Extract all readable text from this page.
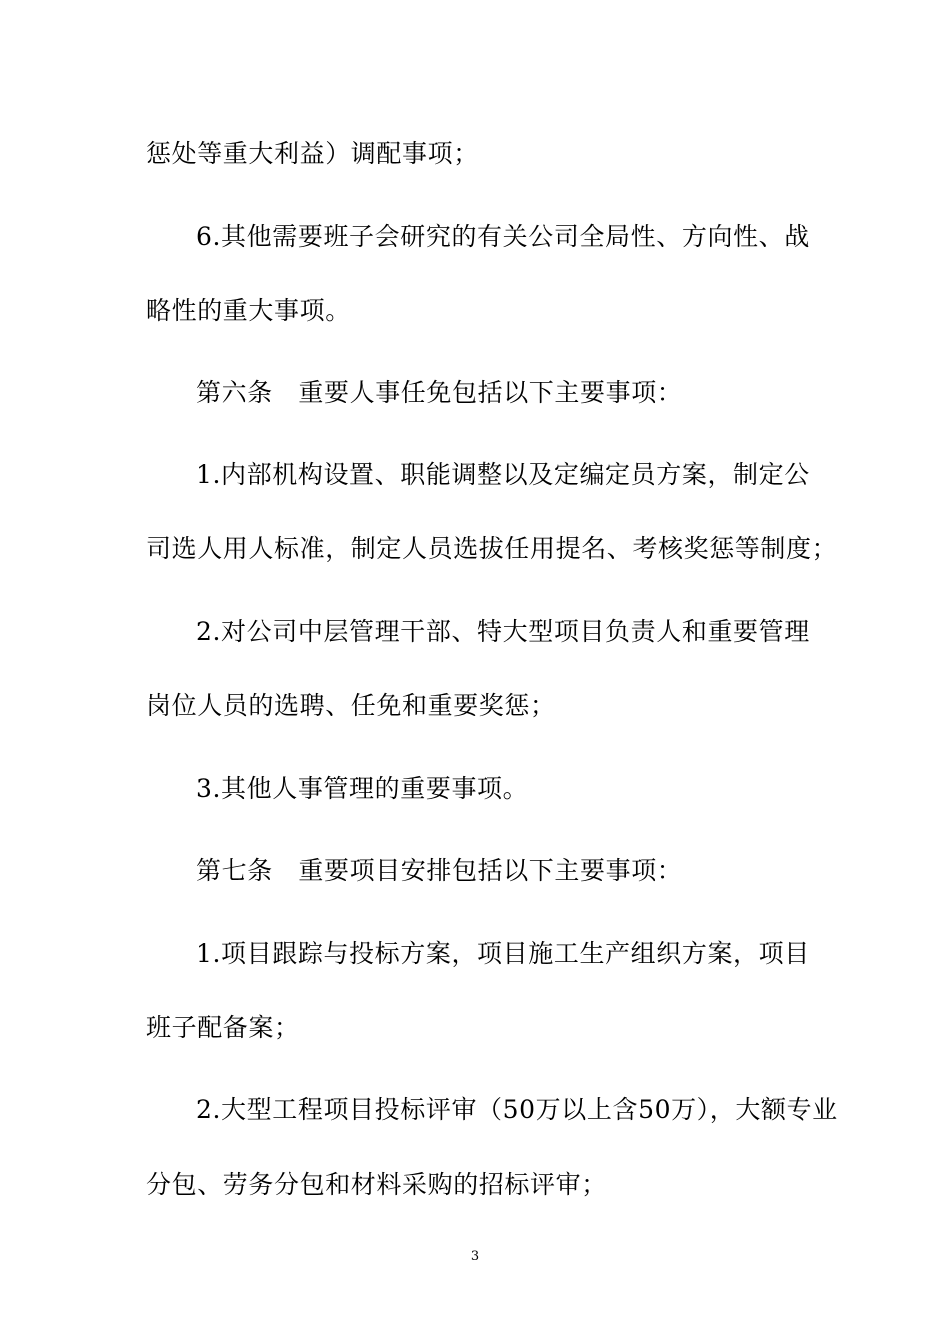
惩处等重大利益）调配事项；
6.其他需要班子会研究的有关公司全局性、方向性、战
略性的重大事项。
第六条　重要人事任免包括以下主要事项：
1.内部机构设置、职能调整以及定编定员方案，制定公
司选人用人标准，制定人员选拔任用提名、考核奖惩等制度；
2.对公司中层管理干部、特大型项目负责人和重要管理
岗位人员的选聘、任免和重要奖惩；
3.其他人事管理的重要事项。
第七条　重要项目安排包括以下主要事项：
1.项目跟踪与投标方案，项目施工生产组织方案，项目
班子配备案；
2.大型工程项目投标评审（50万以上含50万），大额专业
分包、劳务分包和材料采购的招标评审；
3
